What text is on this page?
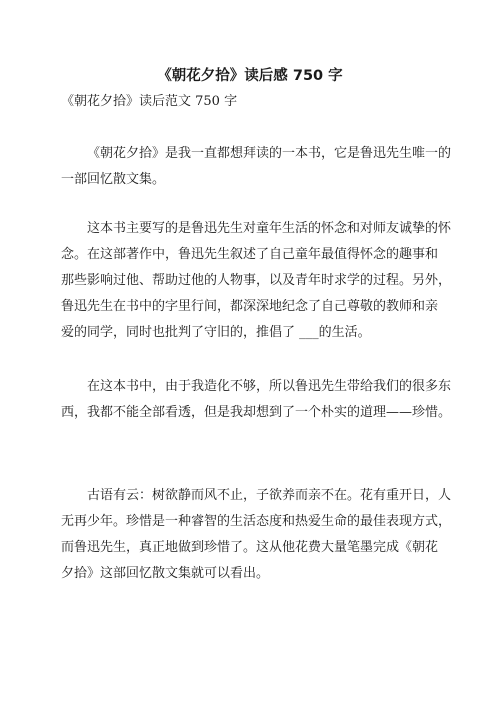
《朝花夕拾》读后感 750 字
《朝花夕拾》读后范文 750 字
《朝花夕拾》是我一直都想拜读的一本书，它是鲁迅先生唯一的
一部回忆散文集。
这本书主要写的是鲁迅先生对童年生活的怀念和对师友诚挚的怀
念。在这部著作中，鲁迅先生叙述了自己童年最值得怀念的趣事和
那些影响过他、帮助过他的人物事，以及青年时求学的过程。另外，
鲁迅先生在书中的字里行间，都深深地纪念了自己尊敬的教师和亲
爱的同学，同时也批判了守旧的，推倡了 ___的生活。
在这本书中，由于我造化不够，所以鲁迅先生带给我们的很多东
西，我都不能全部看透，但是我却想到了一个朴实的道理——珍惜。
古语有云：树欲静而风不止，子欲养而亲不在。花有重开日，人
无再少年。珍惜是一种睿智的生活态度和热爱生命的最佳表现方式，
而鲁迅先生，真正地做到珍惜了。这从他花费大量笔墨完成《朝花
夕拾》这部回忆散文集就可以看出。
